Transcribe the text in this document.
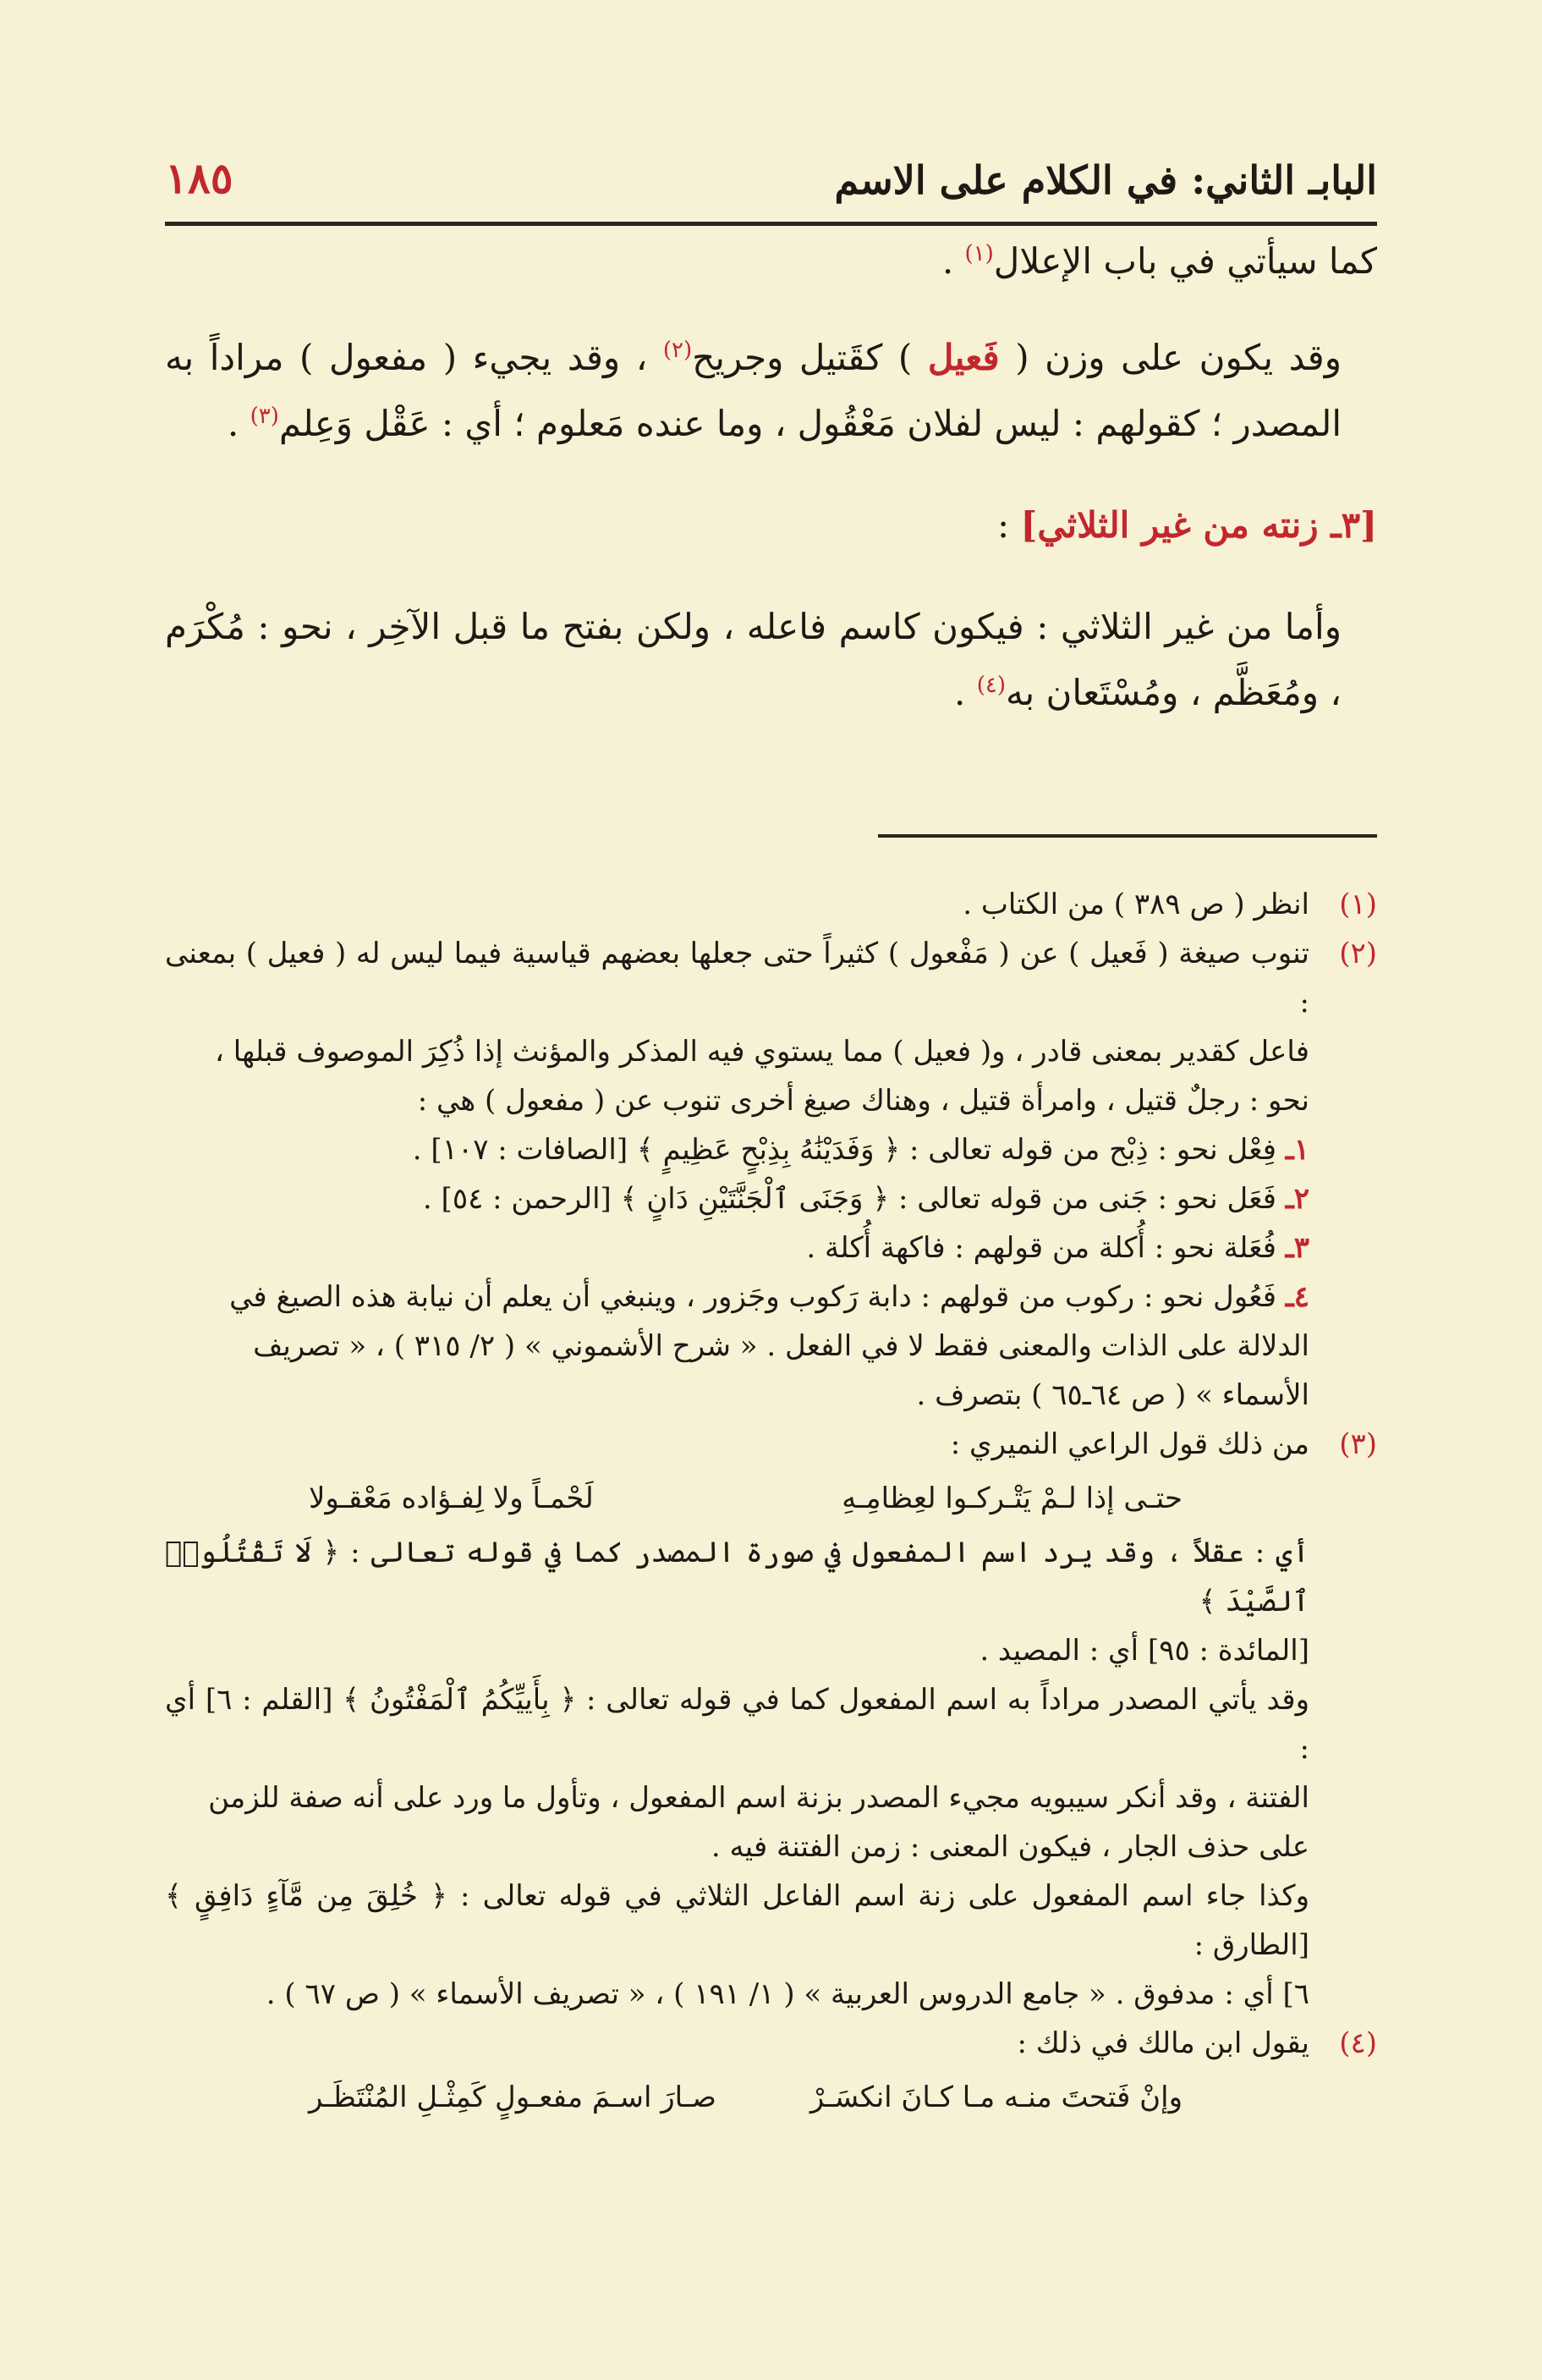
البابـ الثاني: في الكلام على الاسم
١٨٥

كما سيأتي في باب الإعلال$^{(١)}$ .

وقد يكون على وزن ( فَعيل ) كقَتيل وجريح$^{(٢)}$ ، وقد يجيء ( مفعول ) مراداً به المصدر ؛ كقولهم : ليس لفلان مَعْقُول ، وما عنده مَعلوم ؛ أي : عَقْل وَعِلم$^{(٣)}$ .

[٣ـ زنته من غير الثلاثي] :

وأما من غير الثلاثي : فيكون كاسم فاعله ، ولكن بفتح ما قبل الآخِر ، نحو : مُكْرَم ، ومُعَظَّم ، ومُسْتَعان به$^{(٤)}$ .

(١)

انظر ( ص ٣٨٩ ) من الكتاب .

(٢)

تنوب صيغة ( فَعيل ) عن ( مَفْعول ) كثيراً حتى جعلها بعضهم قياسية فيما ليس له ( فعيل ) بمعنى :

فاعل كقدير بمعنى قادر ، و( فعيل ) مما يستوي فيه المذكر والمؤنث إذا ذُكِرَ الموصوف قبلها ،

نحو : رجلٌ قتيل ، وامرأة قتيل ، وهناك صيغ أخرى تنوب عن ( مفعول ) هي :

١ـ فِعْل نحو : ذِبْح من قوله تعالى : ﴿ وَفَدَيْنَٰهُ بِذِبْحٍ عَظِيمٍ ﴾ [الصافات : ١٠٧] .

٢ـ فَعَل نحو : جَنى من قوله تعالى : ﴿ وَجَنَى ٱلْجَنَّتَيْنِ دَانٍ ﴾ [الرحمن : ٥٤] .

٣ـ فُعَلة نحو : أُكلة من قولهم : فاكهة أُكلة .

٤ـ فَعُول نحو : ركوب من قولهم : دابة رَكوب وجَزور ، وينبغي أن يعلم أن نيابة هذه الصيغ في

الدلالة على الذات والمعنى فقط لا في الفعل . « شرح الأشموني » ( ٢/ ٣١٥ ) ، « تصريف

الأسماء » ( ص ٦٤ـ٦٥ ) بتصرف .

(٣)

من ذلك قول الراعي النميري :

حتـى إذا لـمْ يَتْـركـوا لعِظامِـهِ
لَحْمـاً ولا لِفـؤاده مَعْقـولا

أي : عقلاً ، وقد يرد اسم المفعول في صورة المصدر كما في قوله تعالى : ﴿ لَا تَقْتُلُوا۟ ٱلصَّيْدَ ﴾

[المائدة : ٩٥] أي : المصيد .

وقد يأتي المصدر مراداً به اسم المفعول كما في قوله تعالى : ﴿ بِأَييِّكُمُ ٱلْمَفْتُونُ ﴾ [القلم : ٦] أي :

الفتنة ، وقد أنكر سيبويه مجيء المصدر بزنة اسم المفعول ، وتأول ما ورد على أنه صفة للزمن

على حذف الجار ، فيكون المعنى : زمن الفتنة فيه .

وكذا جاء اسم المفعول على زنة اسم الفاعل الثلاثي في قوله تعالى : ﴿ خُلِقَ مِن مَّآءٍ دَافِقٍ ﴾ [الطارق :

٦] أي : مدفوق . « جامع الدروس العربية » ( ١/ ١٩١ ) ، « تصريف الأسماء » ( ص ٦٧ ) .

(٤)

يقول ابن مالك في ذلك :

وإنْ فَتحتَ منـه مـا كـانَ انكسَـرْ
صـارَ اسـمَ مفعـولٍ كَمِثْـلِ المُنْتَظَـر
